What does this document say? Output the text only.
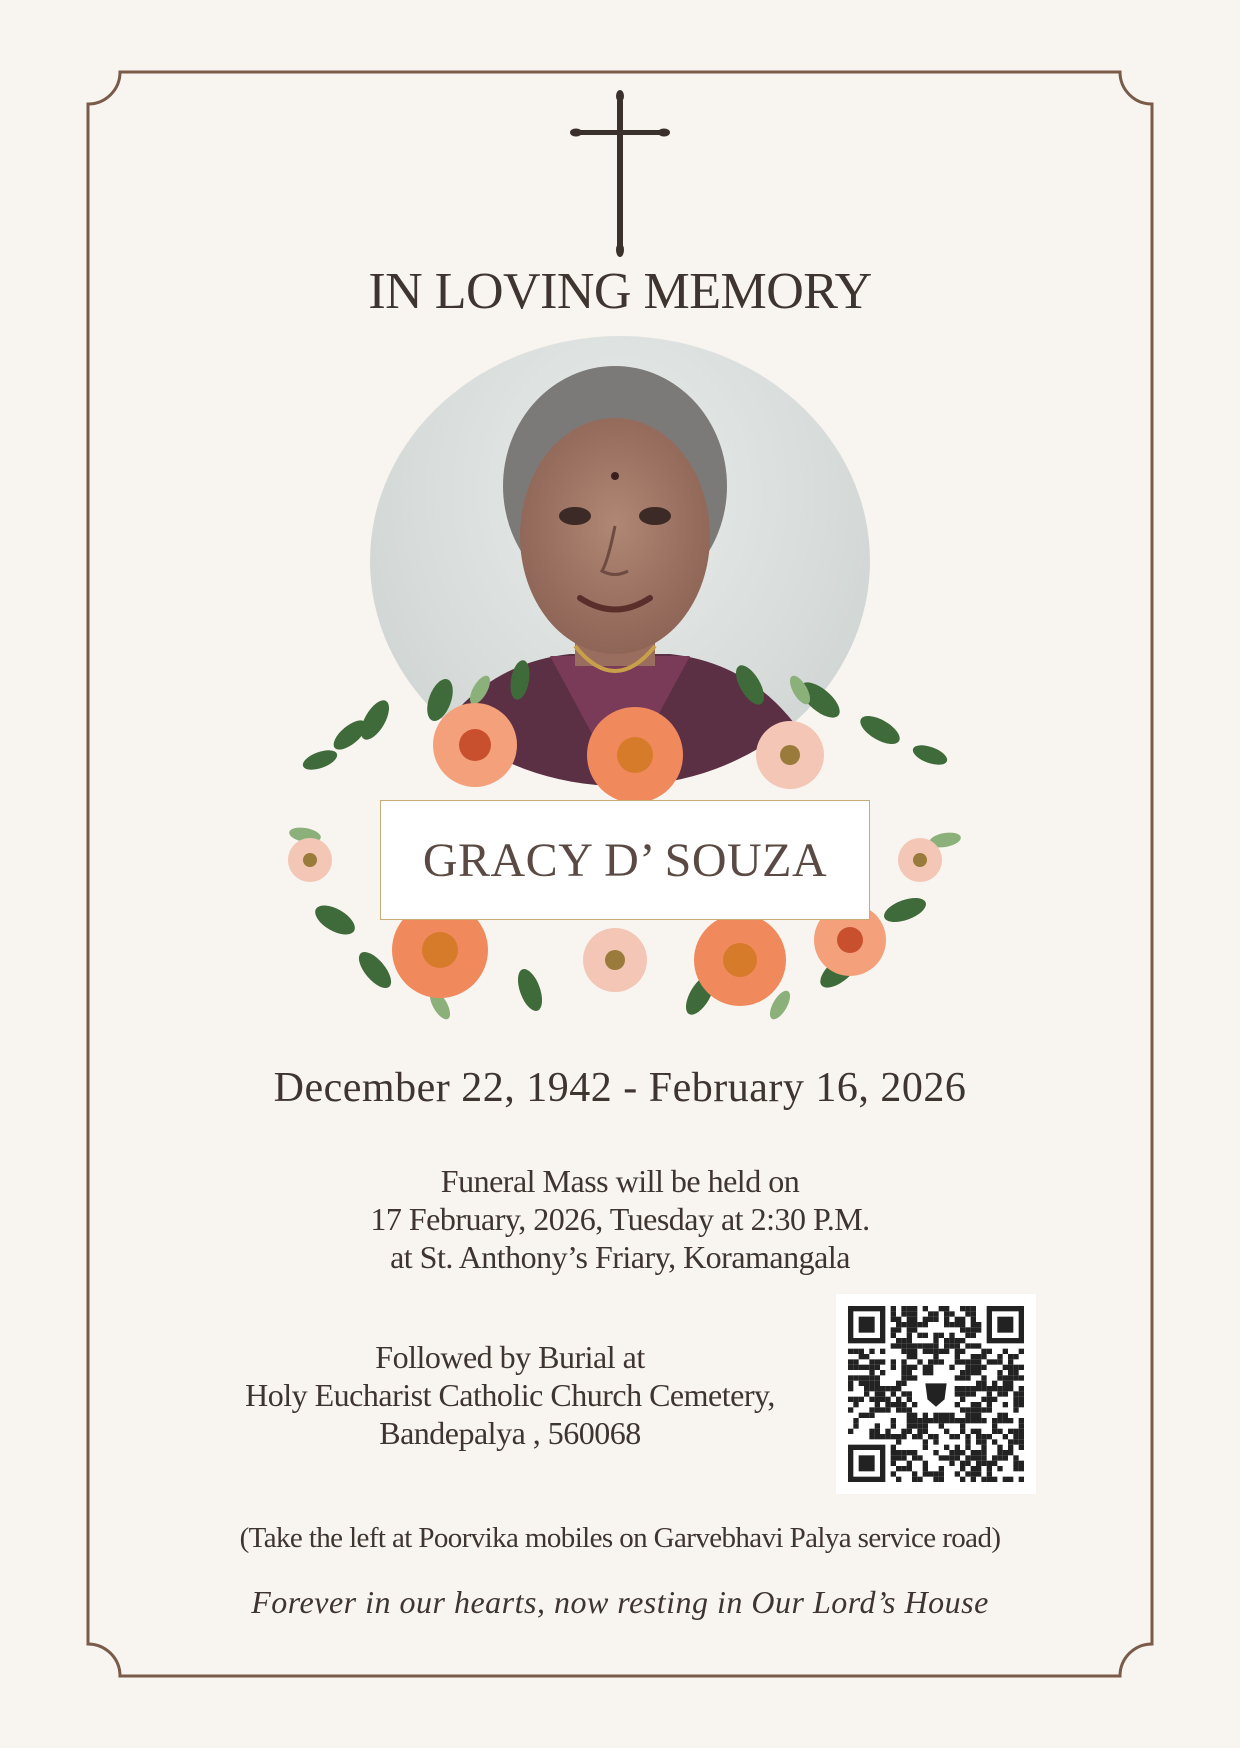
IN LOVING MEMORY
GRACY D’ SOUZA
December 22, 1942 - February 16, 2026
Funeral Mass will be held on
17 February, 2026, Tuesday at 2:30 P.M.
at St. Anthony’s Friary, Koramangala
Followed by Burial at
Holy Eucharist Catholic Church Cemetery,
Bandepalya , 560068
(Take the left at Poorvika mobiles on Garvebhavi Palya service road)
Forever in our hearts, now resting in Our Lord’s House
